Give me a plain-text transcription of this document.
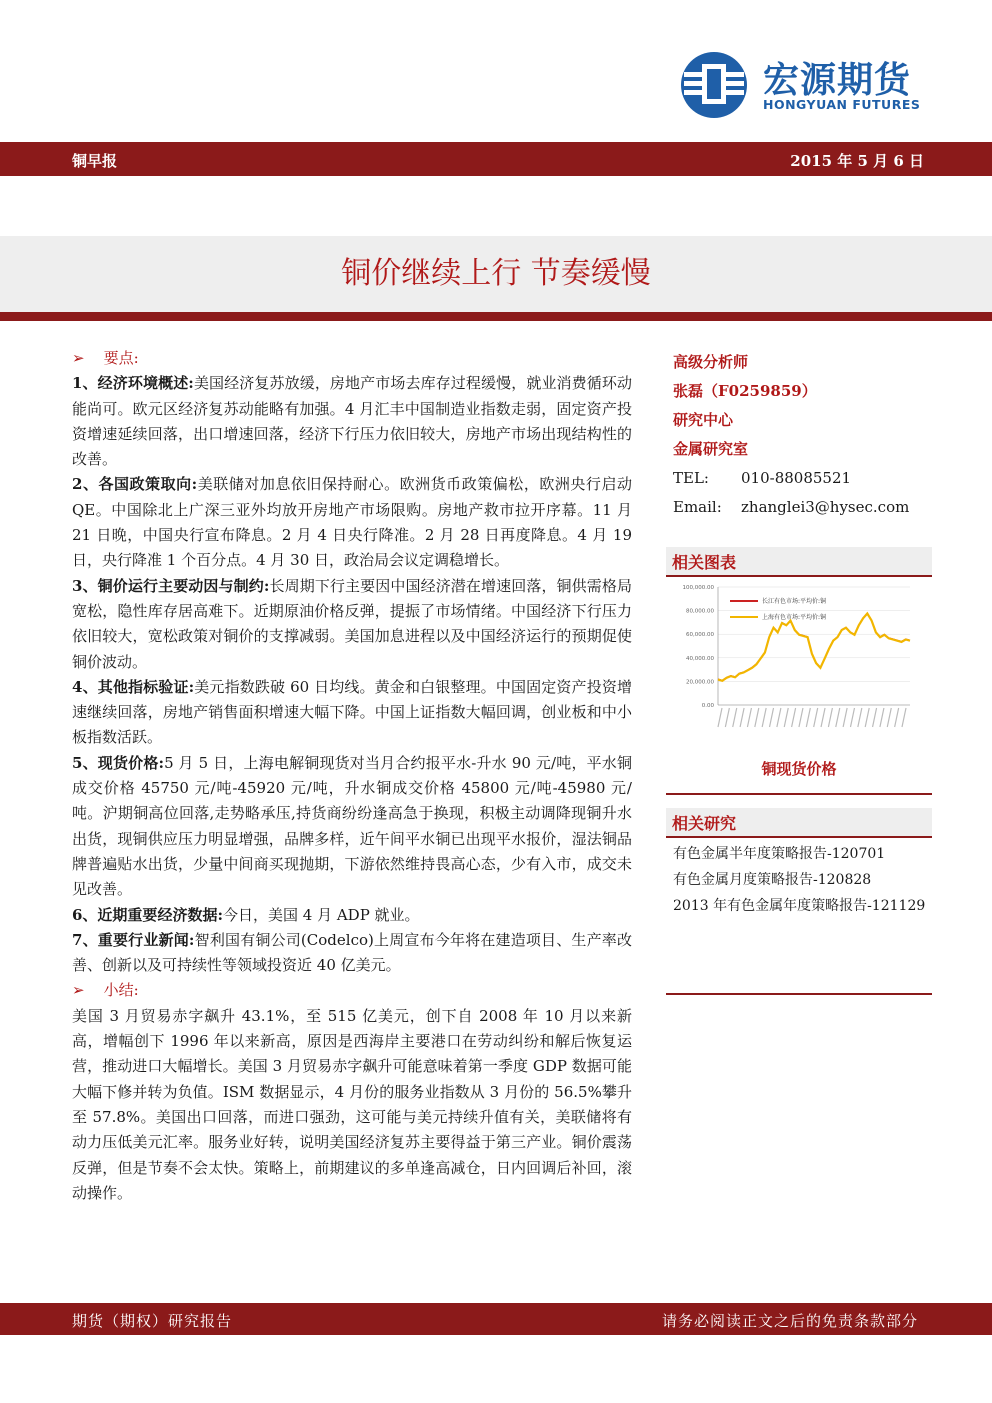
宏源期货
HONGYUAN FUTURES
铜早报	2015 年 5 月 6 日
铜价继续上行 节奏缓慢

➢ 要点:

1、经济环境概述:美国经济复苏放缓，房地产市场去库存过程缓慢，就业消费循环动能尚可。欧元区经济复苏动能略有加强。4 月汇丰中国制造业指数走弱，固定资产投资增速延续回落，出口增速回落，经济下行压力依旧较大，房地产市场出现结构性的改善。

2、各国政策取向:美联储对加息依旧保持耐心。欧洲货币政策偏松，欧洲央行启动 QE。中国除北上广深三亚外均放开房地产市场限购。房地产救市拉开序幕。11 月 21 日晚，中国央行宣布降息。2 月 4 日央行降准。2 月 28 日再度降息。4 月 19 日，央行降准 1 个百分点。4 月 30 日，政治局会议定调稳增长。

3、铜价运行主要动因与制约:长周期下行主要因中国经济潜在增速回落，铜供需格局宽松，隐性库存居高难下。近期原油价格反弹，提振了市场情绪。中国经济下行压力依旧较大，宽松政策对铜价的支撑减弱。美国加息进程以及中国经济运行的预期促使铜价波动。

4、其他指标验证:美元指数跌破 60 日均线。黄金和白银整理。中国固定资产投资增速继续回落，房地产销售面积增速大幅下降。中国上证指数大幅回调，创业板和中小板指数活跃。

5、现货价格:5 月 5 日，上海电解铜现货对当月合约报平水-升水 90 元/吨，平水铜成交价格 45750 元/吨-45920 元/吨，升水铜成交价格 45800 元/吨-45980 元/吨。沪期铜高位回落,走势略承压,持货商纷纷逢高急于换现，积极主动调降现铜升水出货，现铜供应压力明显增强，品牌多样，近午间平水铜已出现平水报价，湿法铜品牌普遍贴水出货，少量中间商买现抛期，下游依然维持畏高心态，少有入市，成交未见改善。

6、近期重要经济数据:今日，美国 4 月 ADP 就业。

7、重要行业新闻:智利国有铜公司(Codelco)上周宣布今年将在建造项目、生产率改善、创新以及可持续性等领域投资近 40 亿美元。

➢ 小结:

美国 3 月贸易赤字飙升 43.1%，至 515 亿美元，创下自 2008 年 10 月以来新高，增幅创下 1996 年以来新高，原因是西海岸主要港口在劳动纠纷和解后恢复运营，推动进口大幅增长。美国 3 月贸易赤字飙升可能意味着第一季度 GDP 数据可能大幅下修并转为负值。ISM 数据显示，4 月份的服务业指数从 3 月份的 56.5%攀升至 57.8%。美国出口回落，而进口强劲，这可能与美元持续升值有关，美联储将有动力压低美元汇率。服务业好转，说明美国经济复苏主要得益于第三产业。铜价震荡反弹，但是节奏不会太快。策略上，前期建议的多单逢高减仓，日内回调后补回，滚动操作。

高级分析师
张磊（F0259859）
研究中心
金属研究室
TEL:	010-88085521
Email:	zhanglei3@hysec.com
相关图表
100,000.00
80,000.00
60,000.00
40,000.00
20,000.00
0.00
长江有色市场:平均价:铜
上海有色市场:平均价:铜
铜现货价格
相关研究
有色金属半年度策略报告-120701
有色金属月度策略报告-120828
2013 年有色金属年度策略报告-121129
期货（期权）研究报告	请务必阅读正文之后的免责条款部分
